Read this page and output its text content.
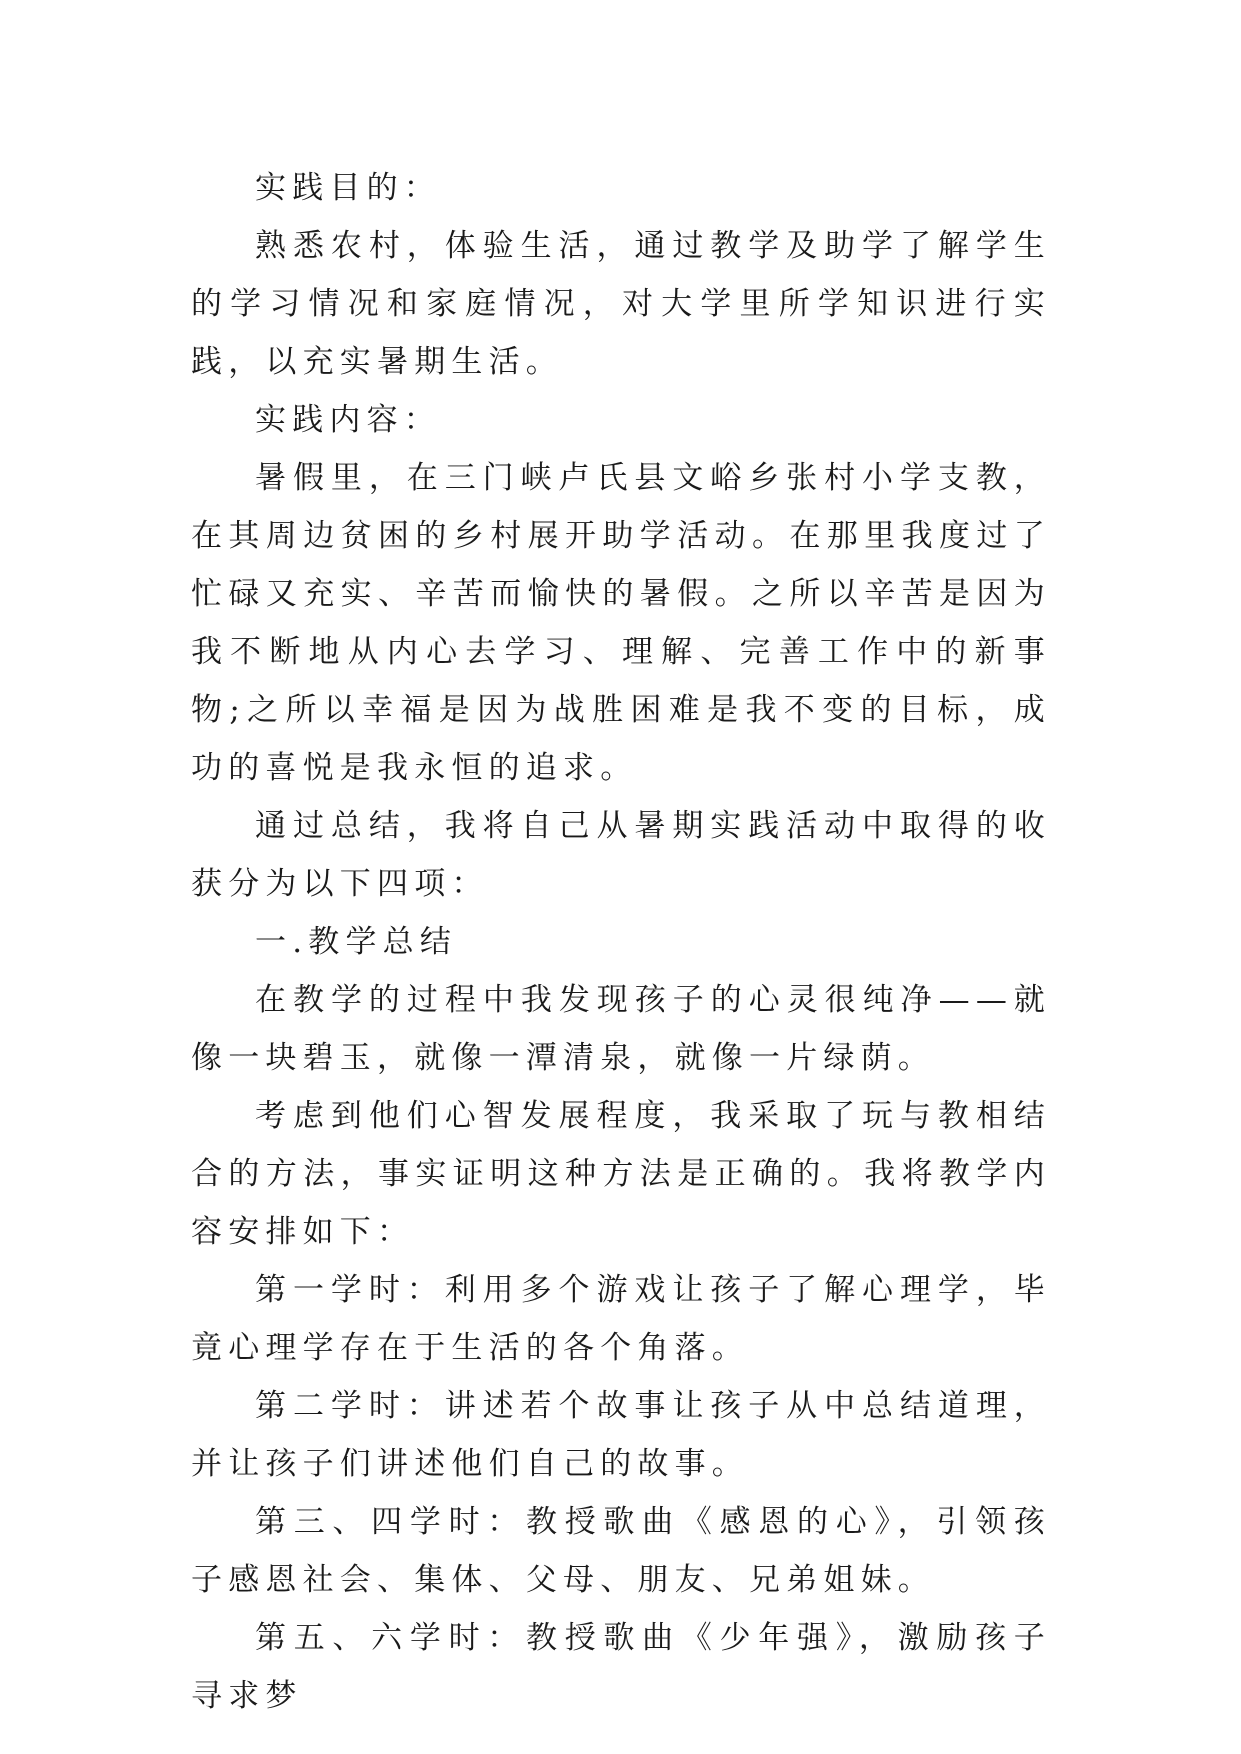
实践目的：

熟悉农村，体验生活，通过教学及助学了解学生的学习情况和家庭情况，对大学里所学知识进行实践，以充实暑期生活。

实践内容：

暑假里，在三门峡卢氏县文峪乡张村小学支教，在其周边贫困的乡村展开助学活动。在那里我度过了忙碌又充实、辛苦而愉快的暑假。之所以辛苦是因为我不断地从内心去学习、理解、完善工作中的新事物;之所以幸福是因为战胜困难是我不变的目标，成功的喜悦是我永恒的追求。

通过总结，我将自己从暑期实践活动中取得的收获分为以下四项：

一.教学总结

在教学的过程中我发现孩子的心灵很纯净——就像一块碧玉，就像一潭清泉，就像一片绿荫。

考虑到他们心智发展程度，我采取了玩与教相结合的方法，事实证明这种方法是正确的。我将教学内容安排如下：

第一学时：利用多个游戏让孩子了解心理学，毕竟心理学存在于生活的各个角落。

第二学时：讲述若个故事让孩子从中总结道理，并让孩子们讲述他们自己的故事。

第三、四学时：教授歌曲《感恩的心》，引领孩子感恩社会、集体、父母、朋友、兄弟姐妹。

第五、六学时：教授歌曲《少年强》，激励孩子寻求梦
